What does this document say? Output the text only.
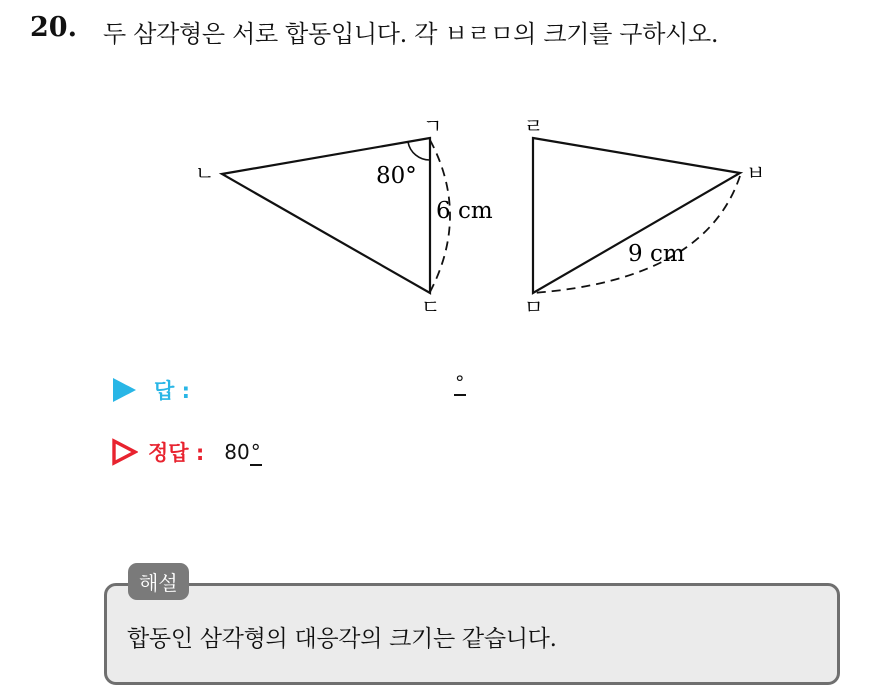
20. 두 삼각형은 서로 합동입니다. 각 ㅂㄹㅁ의 크기를 구하시오.
ㄱ
ㄴ
ㄷ
ㄹ
ㅂ
ㅁ
80°
6 cm
9 cm
답 :	°
정답 : 80°
해설
합동인 삼각형의 대응각의 크기는 같습니다.
